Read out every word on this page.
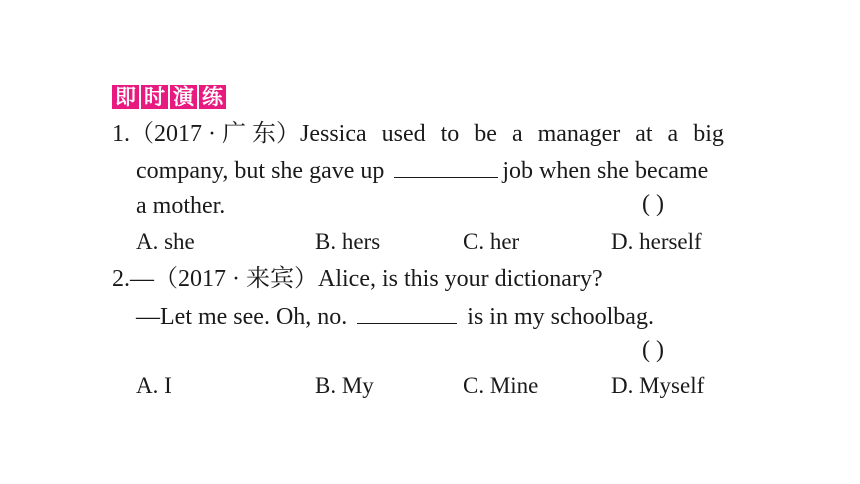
即 时 演 练
1.（2017 · 广 东）Jessica used to be a manager at a big
company, but she gave up	job when she became
a mother.	( )
A. she	B. hers	C. her	D. herself
2.—（2017 · 来宾）Alice, is this your dictionary?
—Let me see. Oh, no.	is in my schoolbag.
( )
A. I	B. My	C. Mine	D. Myself
